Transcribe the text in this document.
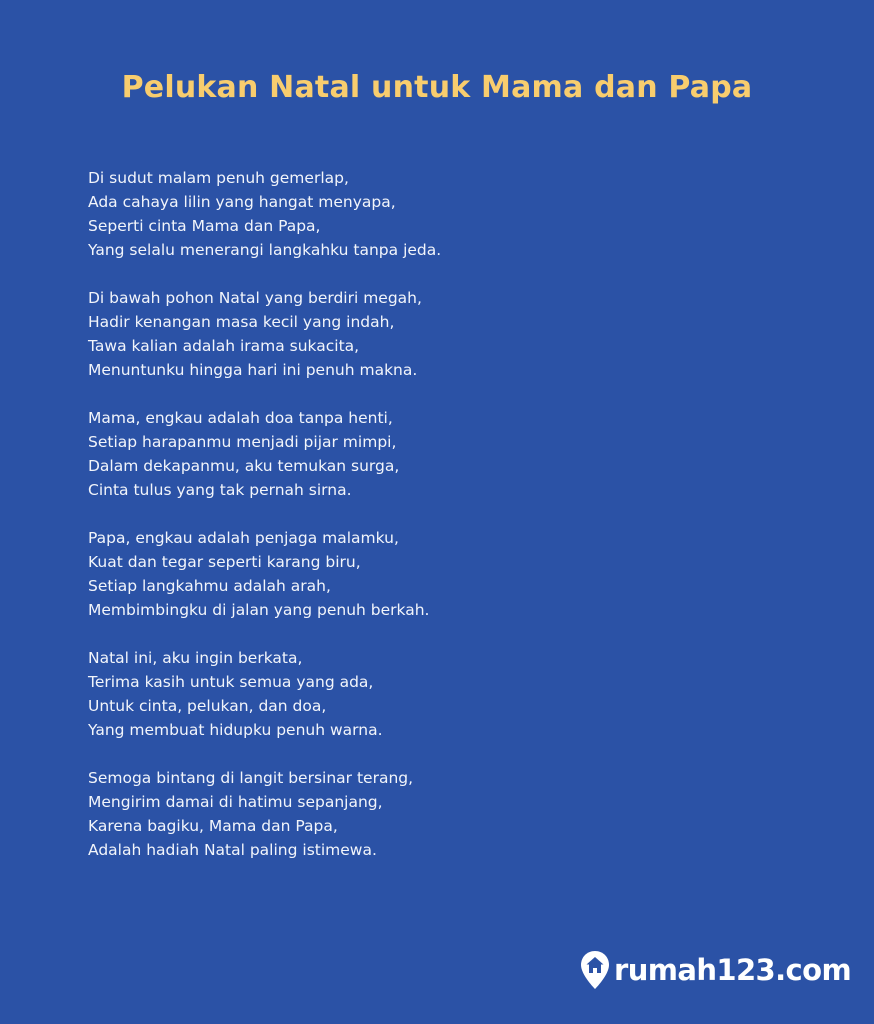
Pelukan Natal untuk Mama dan Papa
Di sudut malam penuh gemerlap,
Ada cahaya lilin yang hangat menyapa,
Seperti cinta Mama dan Papa,
Yang selalu menerangi langkahku tanpa jeda.
Di bawah pohon Natal yang berdiri megah,
Hadir kenangan masa kecil yang indah,
Tawa kalian adalah irama sukacita,
Menuntunku hingga hari ini penuh makna.
Mama, engkau adalah doa tanpa henti,
Setiap harapanmu menjadi pijar mimpi,
Dalam dekapanmu, aku temukan surga,
Cinta tulus yang tak pernah sirna.
Papa, engkau adalah penjaga malamku,
Kuat dan tegar seperti karang biru,
Setiap langkahmu adalah arah,
Membimbingku di jalan yang penuh berkah.
Natal ini, aku ingin berkata,
Terima kasih untuk semua yang ada,
Untuk cinta, pelukan, dan doa,
Yang membuat hidupku penuh warna.
Semoga bintang di langit bersinar terang,
Mengirim damai di hatimu sepanjang,
Karena bagiku, Mama dan Papa,
Adalah hadiah Natal paling istimewa.
rumah123.com
